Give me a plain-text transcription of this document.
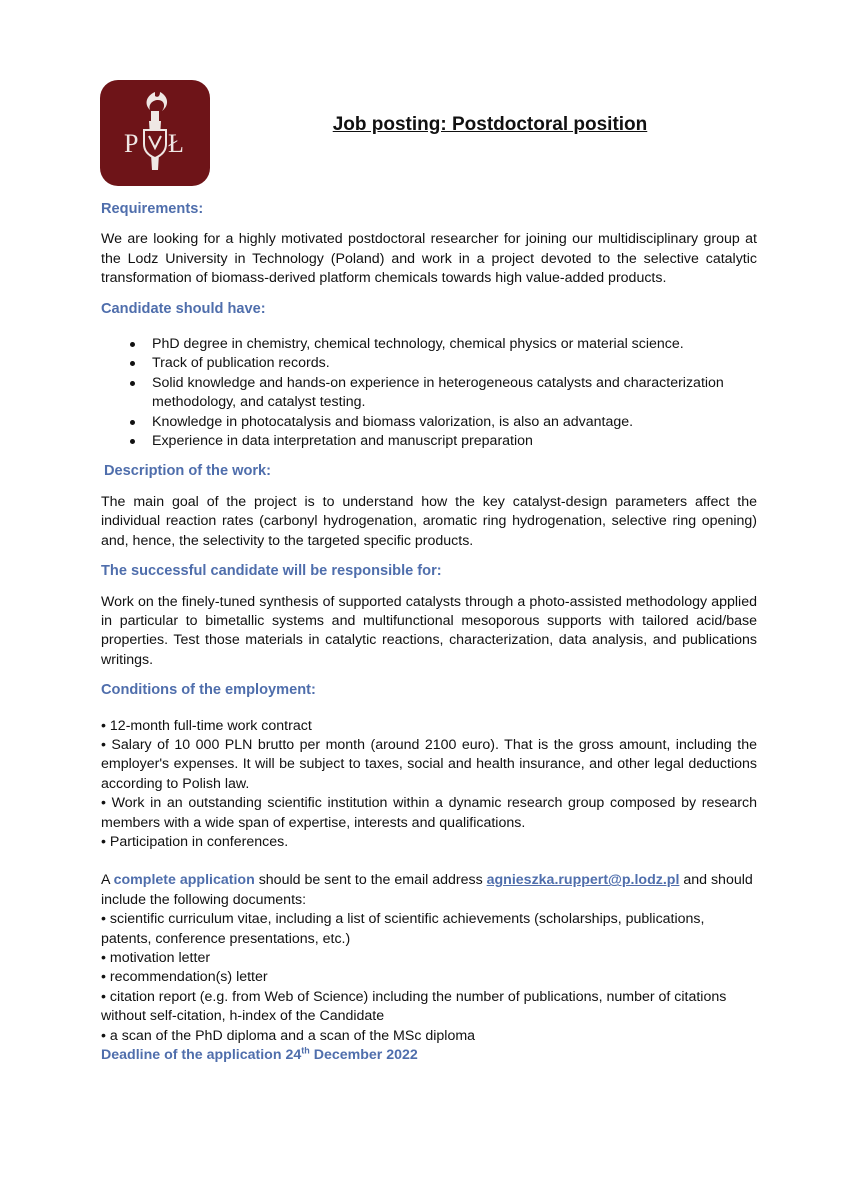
P Ł
Job posting: Postdoctoral position

Requirements:

We are looking for a highly motivated postdoctoral researcher for joining our multidisciplinary group at the Lodz University in Technology (Poland) and work in a project devoted to the selective catalytic transformation of biomass-derived platform chemicals towards high value-added products.

Candidate should have:

PhD degree in chemistry, chemical technology, chemical physics or material science.
Track of publication records.
Solid knowledge and hands-on experience in heterogeneous catalysts and characterization methodology, and catalyst testing.
Knowledge in photocatalysis and biomass valorization, is also an advantage.
Experience in data interpretation and manuscript preparation

Description of the work:

The main goal of the project is to understand how the key catalyst-design parameters affect the individual reaction rates (carbonyl hydrogenation, aromatic ring hydrogenation, selective ring opening) and, hence, the selectivity to the targeted specific products.

The successful candidate will be responsible for:

Work on the finely-tuned synthesis of supported catalysts through a photo-assisted methodology applied in particular to bimetallic systems and multifunctional mesoporous supports with tailored acid/base properties. Test those materials in catalytic reactions, characterization, data analysis, and publications writings.

Conditions of the employment:

• 12-month full-time work contract

• Salary of 10 000 PLN brutto per month (around 2100 euro). That is the gross amount, including the employer's expenses. It will be subject to taxes, social and health insurance, and other legal deductions according to Polish law.

• Work in an outstanding scientific institution within a dynamic research group composed by research members with a wide span of expertise, interests and qualifications.

• Participation in conferences.

A complete application should be sent to the email address agnieszka.ruppert@p.lodz.pl and should include the following documents:

• scientific curriculum vitae, including a list of scientific achievements (scholarships, publications, patents, conference presentations, etc.)

• motivation letter

• recommendation(s) letter

• citation report (e.g. from Web of Science) including the number of publications, number of citations without self-citation, h-index of the Candidate

• a scan of the PhD diploma and a scan of the MSc diploma

Deadline of the application 24th December 2022
